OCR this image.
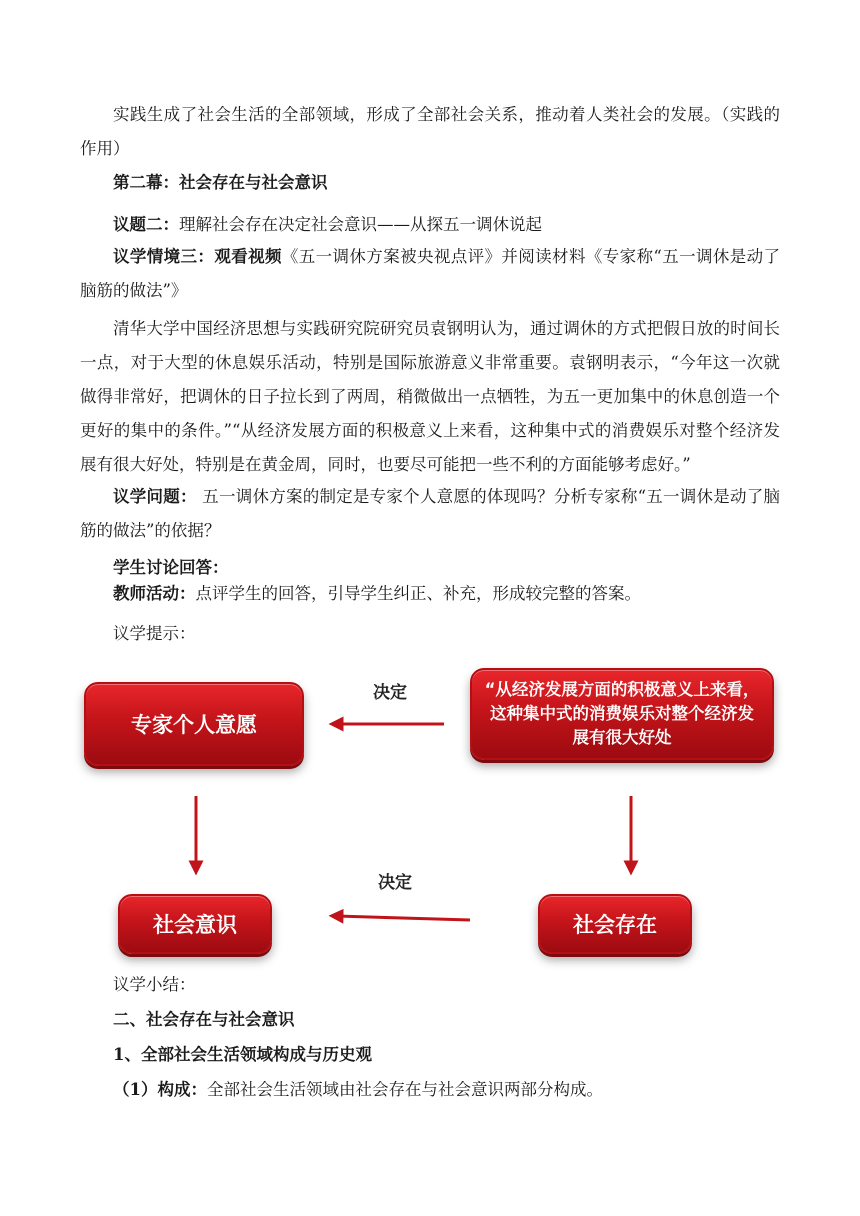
实践生成了社会生活的全部领域，形成了全部社会关系，推动着人类社会的发展。（实践的作用）

第二幕：社会存在与社会意识

议题二：理解社会存在决定社会意识——从探五一调休说起

议学情境三：观看视频《五一调休方案被央视点评》并阅读材料《专家称“五一调休是动了脑筋的做法”》

清华大学中国经济思想与实践研究院研究员袁钢明认为，通过调休的方式把假日放的时间长一点，对于大型的休息娱乐活动，特别是国际旅游意义非常重要。袁钢明表示，“今年这一次就做得非常好，把调休的日子拉长到了两周，稍微做出一点牺牲，为五一更加集中的休息创造一个更好的集中的条件。”“从经济发展方面的积极意义上来看，这种集中式的消费娱乐对整个经济发展有很大好处，特别是在黄金周，同时，也要尽可能把一些不利的方面能够考虑好。”

议学问题： 五一调休方案的制定是专家个人意愿的体现吗？分析专家称“五一调休是动了脑筋的做法”的依据？

学生讨论回答：

教师活动：点评学生的回答，引导学生纠正、补充，形成较完整的答案。

议学提示：

专家个人意愿
“从经济发展方面的积极意义上来看，这种集中式的消费娱乐对整个经济发展有很大好处
决定
决定
社会意识	社会存在

议学小结：

二、社会存在与社会意识

1、全部社会生活领域构成与历史观

（1）构成：全部社会生活领域由社会存在与社会意识两部分构成。
